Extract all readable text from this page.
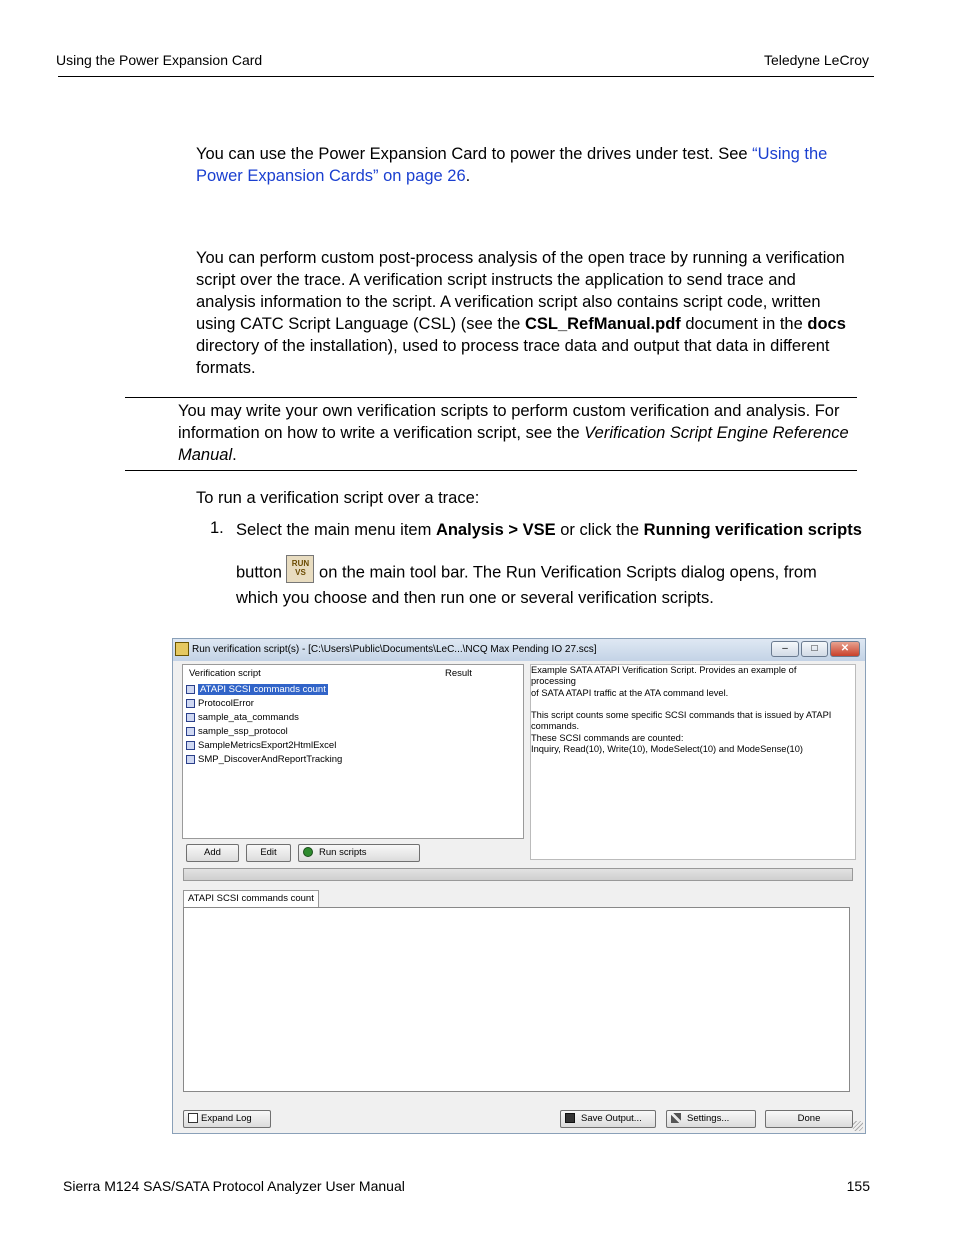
Using the Power Expansion Card	Teledyne LeCroy
You can use the Power Expansion Card to power the drives under test. See “Using the
Power Expansion Cards” on page 26.
You can perform custom post-process analysis of the open trace by running a verification
script over the trace. A verification script instructs the application to send trace and
analysis information to the script. A verification script also contains script code, written
using CATC Script Language (CSL) (see the CSL_RefManual.pdf document in the docs
directory of the installation), used to process trace data and output that data in different
formats.
You may write your own verification scripts to perform custom verification and analysis. For
information on how to write a verification script, see the Verification Script Engine Reference
Manual.
To run a verification script over a trace:
1. Select the main menu item Analysis > VSE or click the Running verification scripts
button RUN VS on the main tool bar. The Run Verification Scripts dialog opens, from
which you choose and then run one or several verification scripts.
Run verification script(s) - [C:\Users\Public\Documents\LeC...\NCQ Max Pending IO 27.scs]	–	□	✕
Verification script	Result
ATAPI SCSI commands count
ProtocolError
sample_ata_commands
sample_ssp_protocol
SampleMetricsExport2HtmlExcel
SMP_DiscoverAndReportTracking
Example SATA ATAPI Verification Script. Provides an example of
processing
of SATA ATAPI traffic at the ATA command level.

This script counts some specific SCSI commands that is issued by ATAPI
commands.
These SCSI commands are counted:
Inquiry, Read(10), Write(10), ModeSelect(10) and ModeSense(10)
Add	Edit	Run scripts
ATAPI SCSI commands count
Expand Log	Save Output...	Settings...	Done
Sierra M124 SAS/SATA Protocol Analyzer User Manual	155
